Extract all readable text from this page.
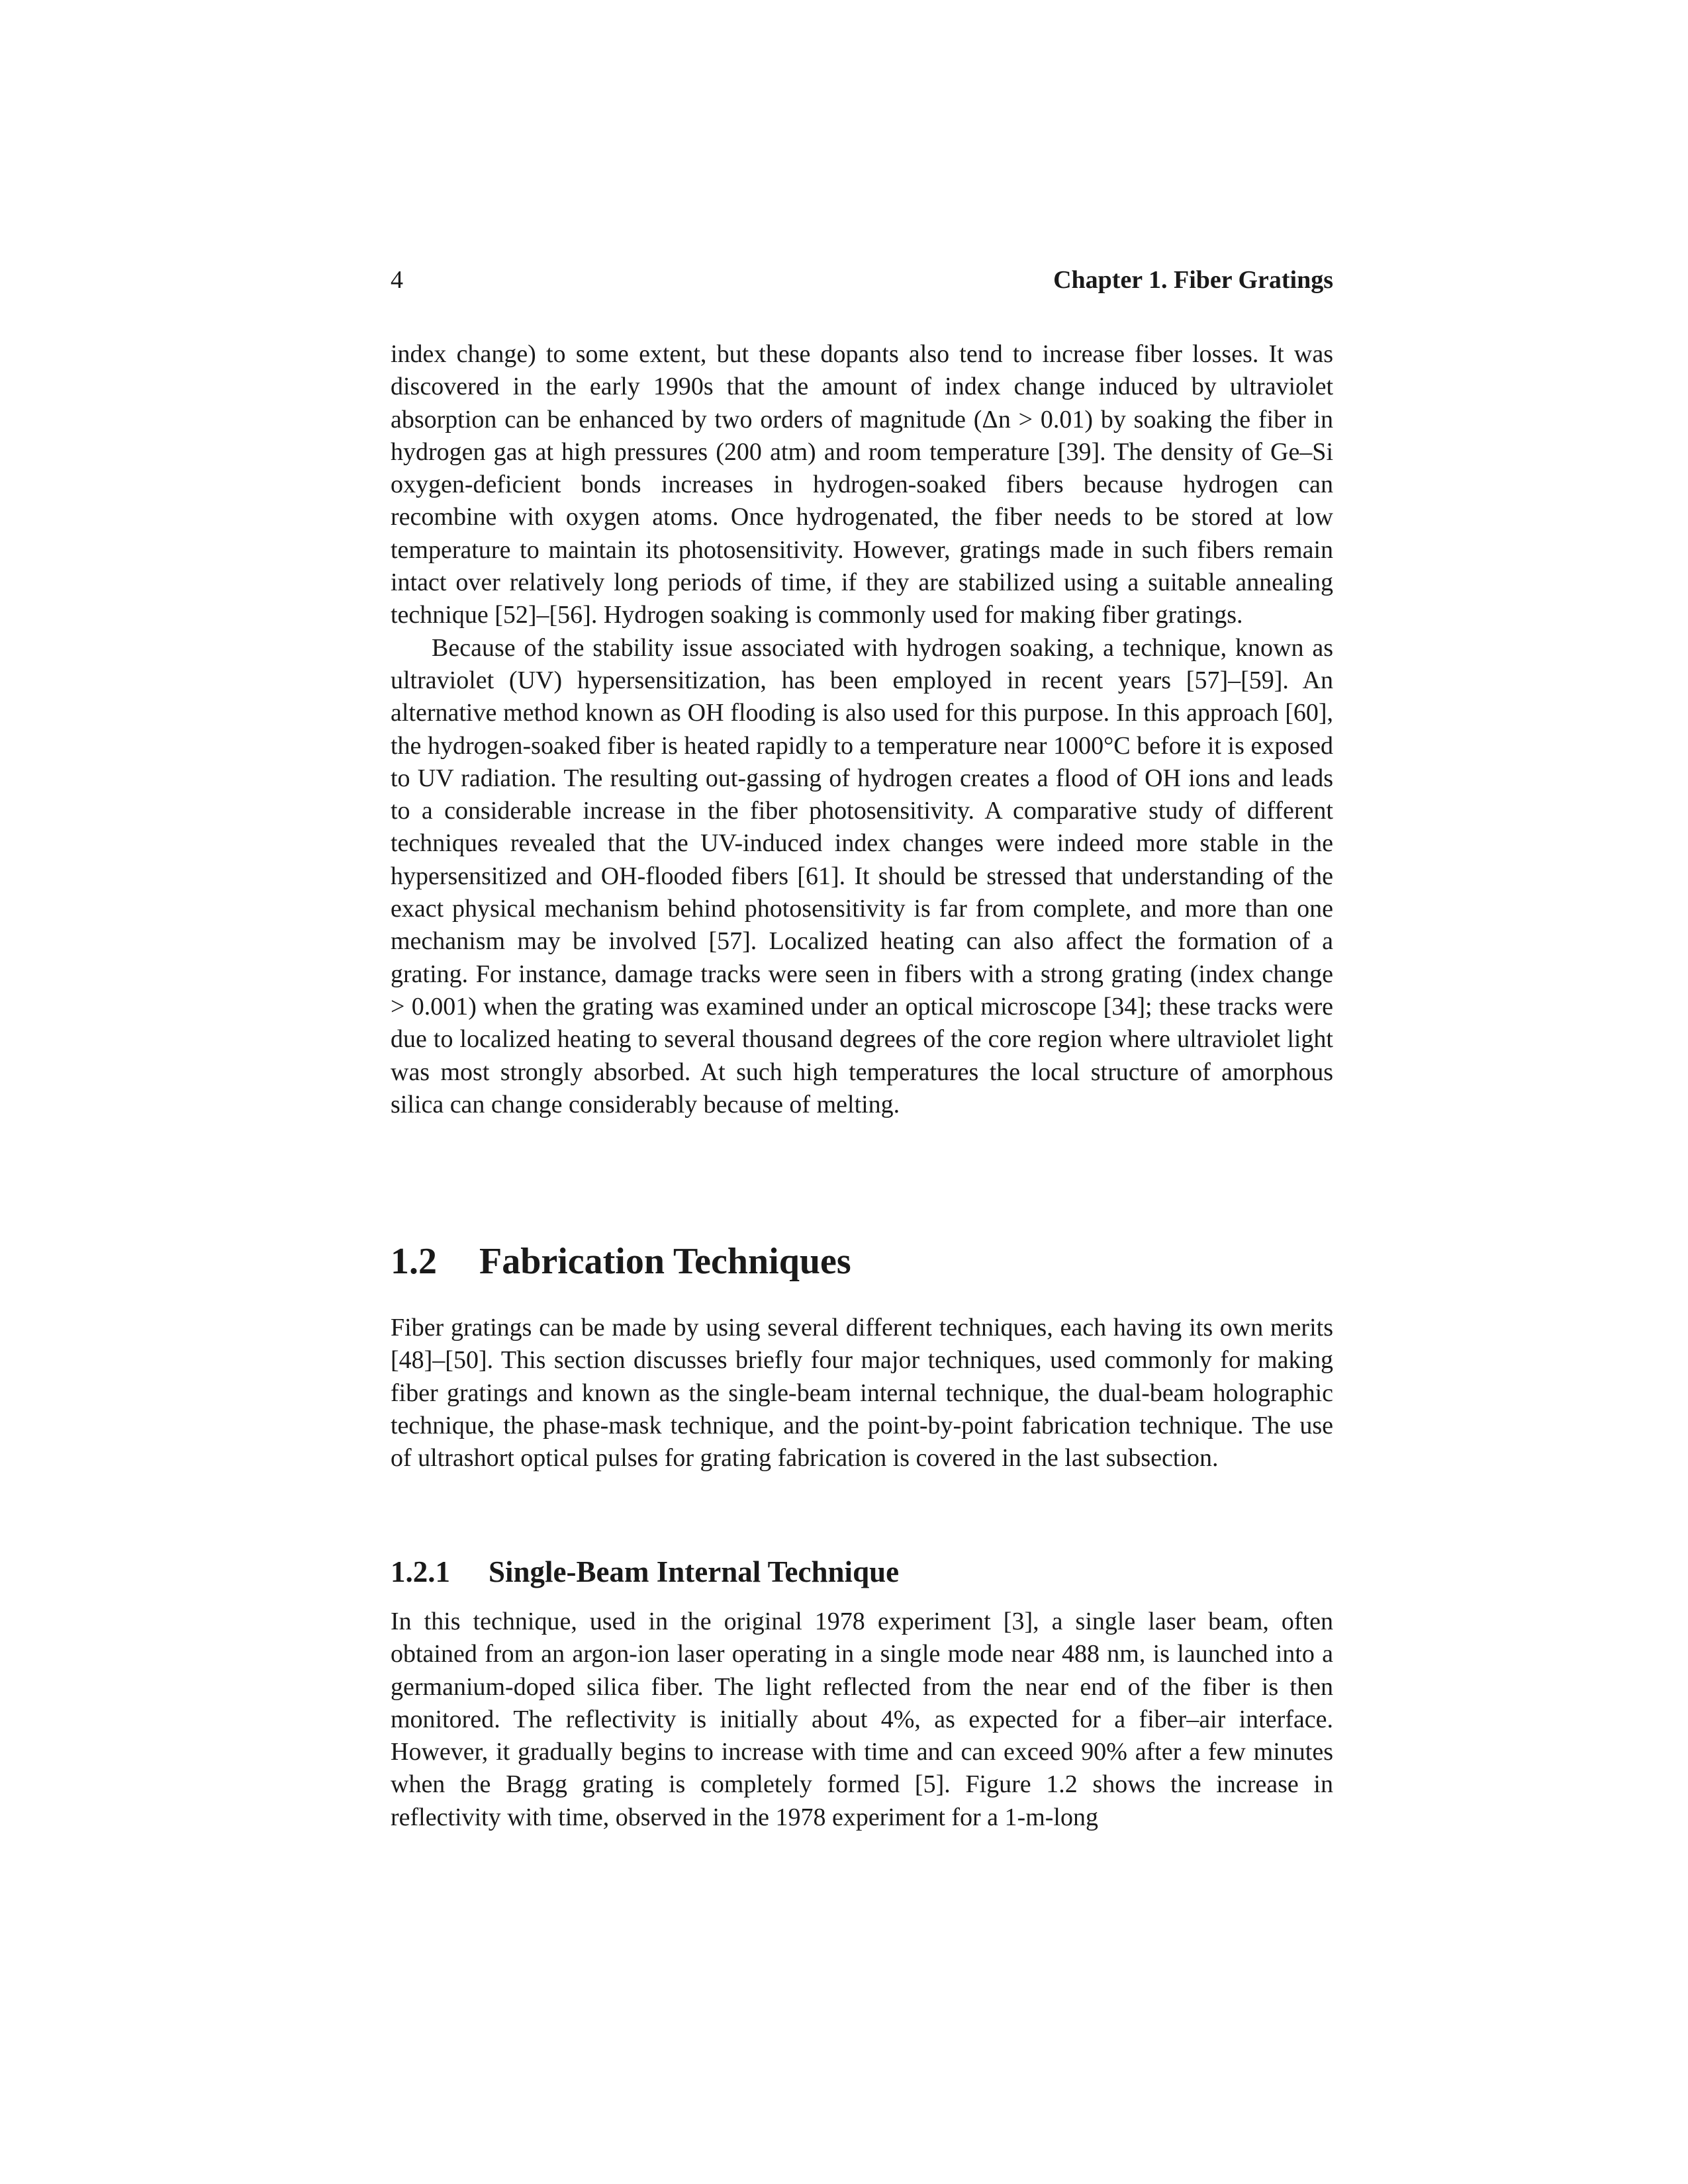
4	Chapter 1. Fiber Gratings

index change) to some extent, but these dopants also tend to increase fiber losses. It was discovered in the early 1990s that the amount of index change induced by ultraviolet absorption can be enhanced by two orders of magnitude (Δn > 0.01) by soaking the fiber in hydrogen gas at high pressures (200 atm) and room temperature [39]. The density of Ge–Si oxygen-deficient bonds increases in hydrogen-soaked fibers because hydrogen can recombine with oxygen atoms. Once hydrogenated, the fiber needs to be stored at low temperature to maintain its photosensitivity. However, gratings made in such fibers remain intact over relatively long periods of time, if they are stabilized using a suitable annealing technique [52]–[56]. Hydrogen soaking is commonly used for making fiber gratings.

Because of the stability issue associated with hydrogen soaking, a technique, known as ultraviolet (UV) hypersensitization, has been employed in recent years [57]–[59]. An alternative method known as OH flooding is also used for this purpose. In this approach [60], the hydrogen-soaked fiber is heated rapidly to a temperature near 1000°C before it is exposed to UV radiation. The resulting out-gassing of hydrogen creates a flood of OH ions and leads to a considerable increase in the fiber photosensitivity. A comparative study of different techniques revealed that the UV-induced index changes were indeed more stable in the hypersensitized and OH-flooded fibers [61]. It should be stressed that understanding of the exact physical mechanism behind photosensitivity is far from complete, and more than one mechanism may be involved [57]. Localized heating can also affect the formation of a grating. For instance, damage tracks were seen in fibers with a strong grating (index change > 0.001) when the grating was examined under an optical microscope [34]; these tracks were due to localized heating to several thousand degrees of the core region where ultraviolet light was most strongly absorbed. At such high temperatures the local structure of amorphous silica can change considerably because of melting.

1.2 Fabrication Techniques

Fiber gratings can be made by using several different techniques, each having its own merits [48]–[50]. This section discusses briefly four major techniques, used commonly for making fiber gratings and known as the single-beam internal technique, the dual-beam holographic technique, the phase-mask technique, and the point-by-point fabrication technique. The use of ultrashort optical pulses for grating fabrication is covered in the last subsection.

1.2.1 Single-Beam Internal Technique

In this technique, used in the original 1978 experiment [3], a single laser beam, often obtained from an argon-ion laser operating in a single mode near 488 nm, is launched into a germanium-doped silica fiber. The light reflected from the near end of the fiber is then monitored. The reflectivity is initially about 4%, as expected for a fiber–air interface. However, it gradually begins to increase with time and can exceed 90% after a few minutes when the Bragg grating is completely formed [5]. Figure 1.2 shows the increase in reflectivity with time, observed in the 1978 experiment for a 1-m-long
